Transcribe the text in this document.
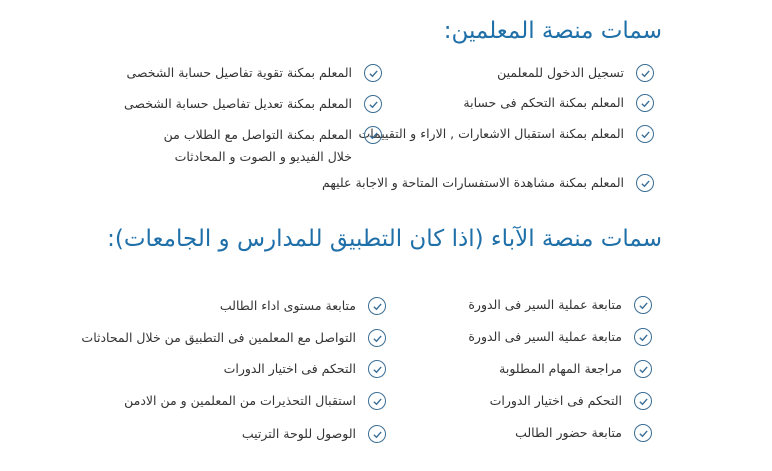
سمات منصة المعلمين:
تسجيل الدخول للمعلمين
المعلم بمكنة التحكم فى حسابة
المعلم بمكنة استقبال الاشعارات , الاراء و التقييمات
المعلم بمكنة مشاهدة الاستفسارات المتاحة و الاجابة عليهم
المعلم بمكنة تقوية تفاصيل حسابة الشخصى
المعلم بمكنة تعديل تفاصيل حسابة الشخصى
المعلم بمكنة التواصل مع الطلاب من
خلال الفيديو و الصوت و المحادثات
سمات منصة الآباء (اذا كان التطبيق للمدارس و الجامعات):
متابعة عملية السير فى الدورة
متابعة عملية السير فى الدورة
مراجعة المهام المطلوبة
التحكم فى اختيار الدورات
متابعة حضور الطالب
متابعة مستوى اداء الطالب
التواصل مع المعلمين فى التطبيق من خلال المحادثات
التحكم فى اختيار الدورات
استقبال التحذيرات من المعلمين و من الادمن
الوصول للوحة الترتيب
